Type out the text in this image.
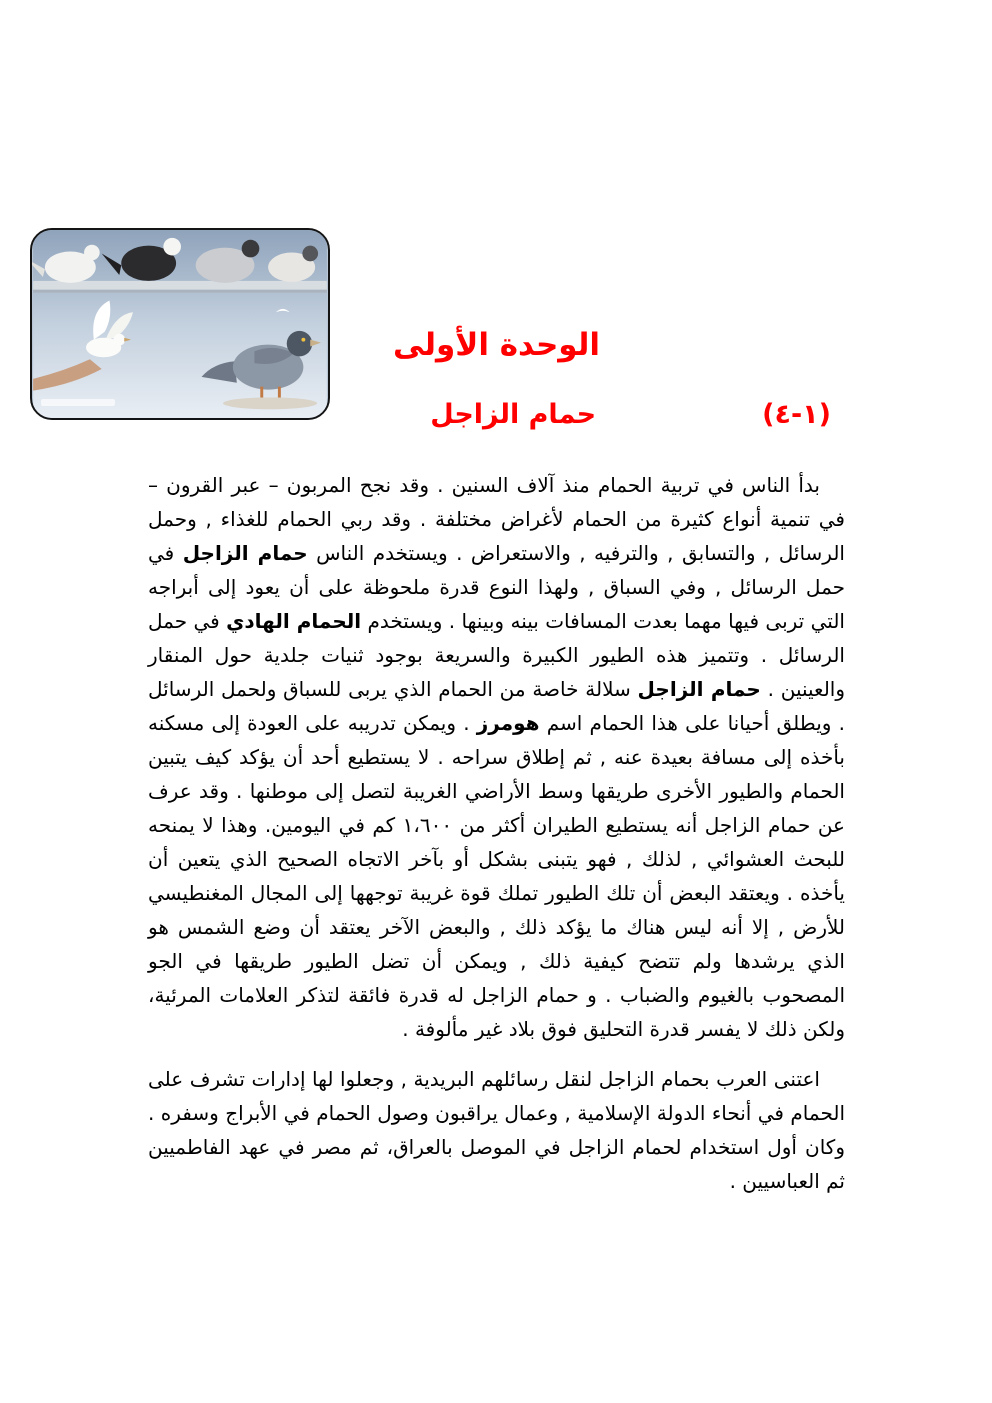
الوحدة الأولى
(١-٤)
حمام الزاجل

بدأ الناس في تربية الحمام منذ آلاف السنين . وقد نجح المربون – عبر القرون – في تنمية أنواع كثيرة من الحمام لأغراض مختلفة . وقد ربي الحمام للغذاء , وحمل الرسائل , والتسابق , والترفيه , والاستعراض . ويستخدم الناس حمام الزاجل في حمل الرسائل , وفي السباق , ولهذا النوع قدرة ملحوظة على أن يعود إلى أبراجه التي تربى فيها مهما بعدت المسافات بينه وبينها . ويستخدم الحمام الهادي في حمل الرسائل . وتتميز هذه الطيور الكبيرة والسريعة بوجود ثنيات جلدية حول المنقار والعينين . حمام الزاجل سلالة خاصة من الحمام الذي يربى للسباق ولحمل الرسائل . ويطلق أحيانا على هذا الحمام اسم هومرز . ويمكن تدريبه على العودة إلى مسكنه بأخذه إلى مسافة بعيدة عنه , ثم إطلاق سراحه . لا يستطيع أحد أن يؤكد كيف يتبين الحمام والطيور الأخرى طريقها وسط الأراضي الغريبة لتصل إلى موطنها . وقد عرف عن حمام الزاجل أنه يستطيع الطيران أكثر من ١،٦٠٠ كم في اليومين. وهذا لا يمنحه للبحث العشوائي , لذلك , فهو يتبنى بشكل أو بآخر الاتجاه الصحيح الذي يتعين أن يأخذه . ويعتقد البعض أن تلك الطيور تملك قوة غريبة توجهها إلى المجال المغنطيسي للأرض , إلا أنه ليس هناك ما يؤكد ذلك , والبعض الآخر يعتقد أن وضع الشمس هو الذي يرشدها ولم تتضح كيفية ذلك , ويمكن أن تضل الطيور طريقها في الجو المصحوب بالغيوم والضباب . و حمام الزاجل له قدرة فائقة لتذكر العلامات المرئية، ولكن ذلك لا يفسر قدرة التحليق فوق بلاد غير مألوفة .

اعتنى العرب بحمام الزاجل لنقل رسائلهم البريدية , وجعلوا لها إدارات تشرف على الحمام في أنحاء الدولة الإسلامية , وعمال يراقبون وصول الحمام في الأبراج وسفره . وكان أول استخدام لحمام الزاجل في الموصل بالعراق، ثم مصر في عهد الفاطميين ثم العباسيين .
